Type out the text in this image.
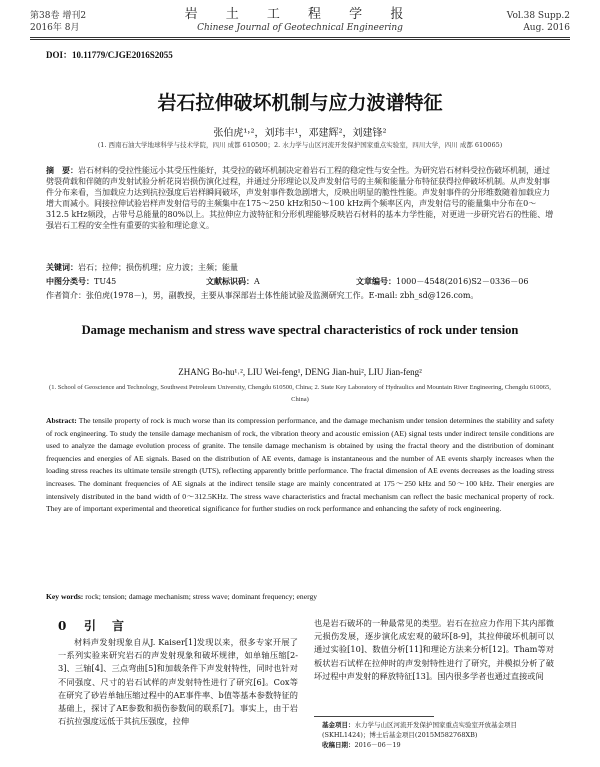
第38卷 增刊2
2016年 8月
岩 土 工 程 学 报
Chinese Journal of Geotechnical Engineering
Vol.38 Supp.2
Aug. 2016
DOI：10.11779/CJGE2016S2055
岩石拉伸破坏机制与应力波谱特征
张伯虎¹˒²，刘玮丰¹，邓建辉²，刘建锋²
(1. 西南石油大学地球科学与技术学院，四川 成都 610500；2. 水力学与山区河流开发保护国家重点实验室，四川大学，四川 成都 610065)
摘　要：岩石材料的受拉性能远小其受压性能好，其受拉的破坏机制决定着岩石工程的稳定性与安全性。为研究岩石材料受拉伤破坏机制，通过劈裂荷载和伴随的声发射试验分析花岗岩损伤演化过程，并通过分形理论以及声发射信号的主频和能量分布特征获得拉伸破坏机制。从声发射事件分布来看，当加载应力达到抗拉强度后岩样瞬间破坏，声发射事件数急剧增大，反映出明显的脆性性能。声发射事件的分形维数随着加载应力增大而减小。间接拉伸试验岩样声发射信号的主频集中在175～250 kHz和50～100 kHz两个频率区内，声发射信号的能量集中分布在0～312.5 kHz频段，占带号总能量的80%以上。其拉伸应力波特征和分形机理能够反映岩石材料的基本力学性能，对更进一步研究岩石的性能、增强岩石工程的安全性有重要的实验和理论意义。
关键词：岩石；拉伸；损伤机理；应力波；主频；能量
中图分类号：TU45	文献标识码：A	文章编号：1000－4548(2016)S2－0336－06
作者简介：张伯虎(1978－)，男，副教授，主要从事深部岩土体性能试验及监测研究工作。E-mail: zbh_sd@126.com。
Damage mechanism and stress wave spectral characteristics of rock under tension
ZHANG Bo-hu¹˒², LIU Wei-feng¹, DENG Jian-hui², LIU Jian-feng²
(1. School of Geoscience and Technology, Southwest Petroleum University, Chengdu 610500, China; 2. State Key Laboratory of Hydraulics and Mountain River Engineering, Chengdu 610065, China)
Abstract: The tensile property of rock is much worse than its compression performance, and the damage mechanism under tension determines the stability and safety of rock engineering. To study the tensile damage mechanism of rock, the vibration theory and acoustic emission (AE) signal tests under indirect tensile conditions are used to analyze the damage evolution process of granite. The tensile damage mechanism is obtained by using the fractal theory and the distribution of dominant frequencies and energies of AE signals. Based on the distribution of AE events, damage is instantaneous and the number of AE events sharply increases when the loading stress reaches its ultimate tensile strength (UTS), reflecting apparently brittle performance. The fractal dimension of AE events decreases as the loading stress increases. The dominant frequencies of AE signals at the indirect tensile stage are mainly concentrated at 175～250 kHz and 50～100 kHz. Their energies are intensively distributed in the band width of 0～312.5KHz. The stress wave characteristics and fractal mechanism can reflect the basic mechanical property of rock. They are of important experimental and theoretical significance for further studies on rock performance and enhancing the safety of rock engineering.
Key words: rock; tension; damage mechanism; stress wave; dominant frequency; energy
0 引　言
材料声发射现象自从J. Kaiser[1]发现以来，很多专家开展了一系列实验来研究岩石的声发射现象和破坏规律，如单轴压缩[2-3]、三轴[4]、三点弯曲[5]和加载条件下声发射特性，同时也针对不同强度、尺寸的岩石试样的声发射特性进行了研究[6]。Cox等在研究了砂岩单轴压缩过程中的AE事件率、b值等基本参数特征的基础上，探讨了AE参数和损伤参数间的联系[7]。事实上，由于岩石抗拉强度远低于其抗压强度，拉伸
也是岩石破坏的一种最常见的类型。岩石在拉应力作用下其内部微元损伤发展，逐步演化成宏观的破坏[8-9]，其拉伸破坏机制可以通过实验[10]、数值分析[11]和理论方法来分析[12]。Tham等对板状岩石试样在拉伸时的声发射特性进行了研究，并模拟分析了破坏过程中声发射的释放特征[13]。国内很多学者也通过直接或间
基金项目：水力学与山区河流开发保护国家重点实验室开放基金项目(SKHL1424)；博士后基金项目(2015M582768XB)
收稿日期：2016－06－19
